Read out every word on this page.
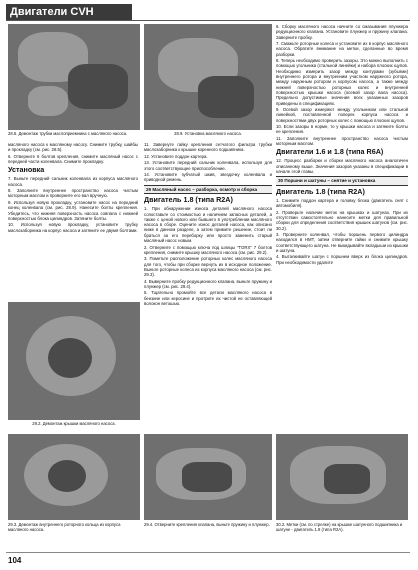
Двигатели CVH
28.5. Демонтаж трубки маслоприемника с масляного насоса.

масляного насоса к масляному насосу. Снимите трубку, шайбы и прокладку (см. рис. 28.5).

6. Отверните 6 болтов крепления, снимите масляный насос с передней части коленвала. Снимите прокладку.

Установка

7. Выньте передний сальник коленвала из корпуса масляного насоса.

8. Заполните внутреннее пространство насоса чистым моторным маслом и проверните его вал вручную.

9. Используя новую прокладку, установите насос на передний конец коленвала (см. рис. 28.9). Нанесите болты крепления. Убедитесь, что нижняя поверхность насоса совпала с нижней поверхностью блока цилиндров. Затяните болты.

10. Используя новую прокладку, установите трубку маслозаборника на корпус насоса и затяните ее двумя болтами.

29.2. Демонтаж крышки масляного насоса.
28.9. Установка масляного насоса.

11. Завернуте гайку крепления сетчатого фильтра трубки маслозаборника к крышке коренного подшипника.

12. Установите поддон картера.

13. Установите передний сальник коленвала, используя для этого соответствующее приспособление.

14. Установите зубчатый шкив, звездочку коленвала и приводной ремень.

29 Масляный насос – разборка, осмотр и сборка
Двигатель 1.8 (типа R2A)

1. При обнаружении износа деталей масляного насоса сопоставьте со стоимостью и наличием запасных деталей, а также с ценой нового или бывшего в употреблении масляного насоса в сборе. Оцените износ деталей насоса, как описано ниже в данном разделе, а затем примите решение, стоит ли браться за его переборку или просто заменить старый масляный насос новым.

2. Отверните с помощью ключа под шлицы "TORX" 7 болтов крепления, снимите крышку масляного насоса (см. рис. 29.2).

3. Пометьте расположение роторных колес масляного насоса для того, чтобы при сборке вернуть их в исходное положение. Выньте роторные колеса из корпуса масляного насоса (см. рис. 29.3).

4. Выверните пробку редукционного клапана, выньте пружину и плунжер (см. рис. 29.4).

5. Тщательно промойте все детали масляного насоса в бензине или керосине и протрите их чистой не оставляющей волокон ветошью.

6. Сборку масляного насоса начните со смазывания плунжера редукционного клапана. Установите плунжер и пружину клапана. Заверните пробку.

7. Смажьте роторные колеса и установите их в корпус масляного насоса. Обратите внимание на метки, сделанные во время разборки.

8. Теперь необходимо проверить зазоры. Это можно выполнить с помощью угольника (стальной линейки) и набора плоских щупов. Необходимо измерить зазор между контурами (зубьями) внутреннего ротора и внутренним участком наружного ротора, между наружным ротором и корпусом насоса, а также между нижней поверхностью роторных колес и внутренней поверхностью крышки насоса (осевой зазор вала насоса). Предельно допустимые значения всех указанных зазоров приведены в спецификациях.

9. Осевой зазор измеряют между угольником или стальной линейкой, поставленной поперек корпуса насоса и поверхностями двух роторных колес с помощью плоских щупов.

10. Если зазоры в норме, то у крышки насоса и затяните болты ее крепления.

11. Заполните внутреннее пространство насоса чистым моторным маслом.

Двигатели 1.6 и 1.8 (типа R6A)

12. Процесс разборки и сборки масляного насоса аналогичен описанному выше. Значения зазоров указаны в спецификации в начале этой главы.

30 Поршни и шатуны – снятие и установка
Двигатель 1.8 (типа R2A)

1. Снимите поддон картера и головку блока (двигатель снят с автомобиля).

2. Проверьте наличие меток на крышках и шатунах. При их отсутствии самостоятельно нанесите метки для правильной сборки для определения соответствия крышек шатунов (см. рис. 30.2).

3. Проверните коленвал, чтобы поршень первого цилиндра находился в НМТ, затем отверните гайки и снимите крышку соответствующего шатуна. Не выкидывайте вкладыши из крышки и шатуна.

4. Выталкивайте шатун с поршнем вверх из блока цилиндров. При необходимости удалите

29.3. Демонтаж внутреннего роторного кольца из корпуса масляного насоса.
29.4. Отверните крепления клапана, выньте пружину и плунжер.	30.2. Метки (см. по стрелке) на крышке шатунного подшипника и шатуне - двигатель 1.8 (типа R2A).
104
